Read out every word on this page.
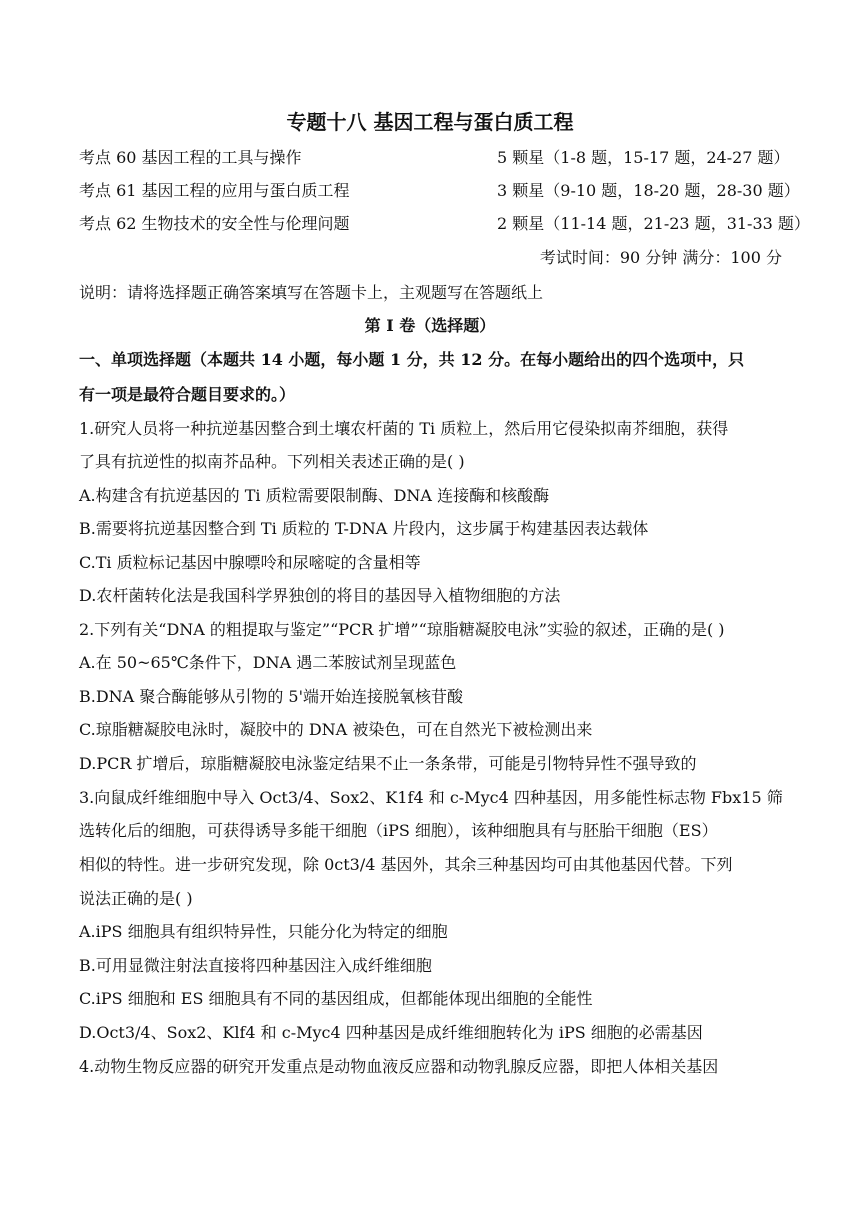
专题十八 基因工程与蛋白质工程
考点 60 基因工程的工具与操作	5 颗星（1-8 题，15-17 题，24-27 题）
考点 61 基因工程的应用与蛋白质工程	3 颗星（9-10 题，18-20 题，28-30 题）
考点 62 生物技术的安全性与伦理问题	2 颗星（11-14 题，21-23 题，31-33 题）
考试时间：90 分钟 满分：100 分
说明：请将选择题正确答案填写在答题卡上，主观题写在答题纸上
第 I 卷（选择题）
一、单项选择题（本题共 14 小题，每小题 1 分，共 12 分。在每小题给出的四个选项中，只
有一项是最符合题目要求的。）
1.研究人员将一种抗逆基因整合到土壤农杆菌的 Ti 质粒上，然后用它侵染拟南芥细胞，获得
了具有抗逆性的拟南芥品种。下列相关表述正确的是( )
A.构建含有抗逆基因的 Ti 质粒需要限制酶、DNA 连接酶和核酸酶
B.需要将抗逆基因整合到 Ti 质粒的 T-DNA 片段内，这步属于构建基因表达载体
C.Ti 质粒标记基因中腺嘌呤和尿嘧啶的含量相等
D.农杆菌转化法是我国科学界独创的将目的基因导入植物细胞的方法
2.下列有关“DNA 的粗提取与鉴定”“PCR 扩增”“琼脂糖凝胶电泳”实验的叙述，正确的是( )
A.在 50~65℃条件下，DNA 遇二苯胺试剂呈现蓝色
B.DNA 聚合酶能够从引物的 5'端开始连接脱氧核苷酸
C.琼脂糖凝胶电泳时，凝胶中的 DNA 被染色，可在自然光下被检测出来
D.PCR 扩增后，琼脂糖凝胶电泳鉴定结果不止一条条带，可能是引物特异性不强导致的
3.向鼠成纤维细胞中导入 Oct3/4、Sox2、K1f4 和 c-Myc4 四种基因，用多能性标志物 Fbx15 筛
选转化后的细胞，可获得诱导多能干细胞（iPS 细胞），该种细胞具有与胚胎干细胞（ES）
相似的特性。进一步研究发现，除 0ct3/4 基因外，其余三种基因均可由其他基因代替。下列
说法正确的是( )
A.iPS 细胞具有组织特异性，只能分化为特定的细胞
B.可用显微注射法直接将四种基因注入成纤维细胞
C.iPS 细胞和 ES 细胞具有不同的基因组成，但都能体现出细胞的全能性
D.Oct3/4、Sox2、Klf4 和 c-Myc4 四种基因是成纤维细胞转化为 iPS 细胞的必需基因
4.动物生物反应器的研究开发重点是动物血液反应器和动物乳腺反应器，即把人体相关基因
